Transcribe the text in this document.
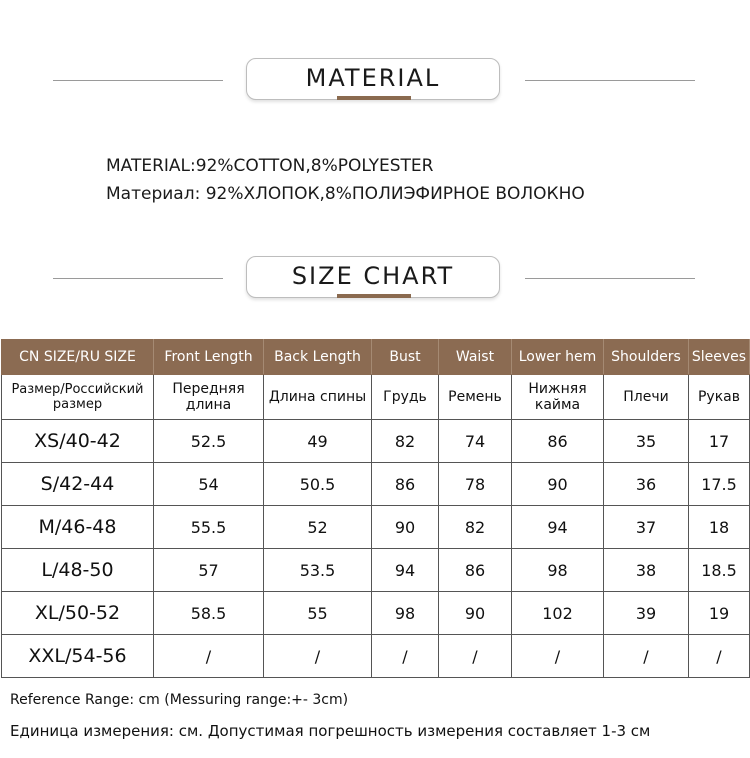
MATERIAL
MATERIAL:92%COTTON,8%POLYESTER
Материал: 92%ХЛОПОК,8%ПОЛИЭФИРНОЕ ВОЛОКНО
SIZE CHART
CN SIZE/RU SIZE	Front Length	Back Length	Bust	Waist	Lower hem	Shoulders	Sleeves
Размер/Российский размер	Передняя длина	Длина спины	Грудь	Ремень	Нижняя кайма	Плечи	Рукав
XS/40-42	52.5	49	82	74	86	35	17
S/42-44	54	50.5	86	78	90	36	17.5
M/46-48	55.5	52	90	82	94	37	18
L/48-50	57	53.5	94	86	98	38	18.5
XL/50-52	58.5	55	98	90	102	39	19
XXL/54-56	/	/	/	/	/	/	/
Reference Range: cm (Messuring range:+- 3cm)
Единица измерения: см. Допустимая погрешность измерения составляет 1-3 см
